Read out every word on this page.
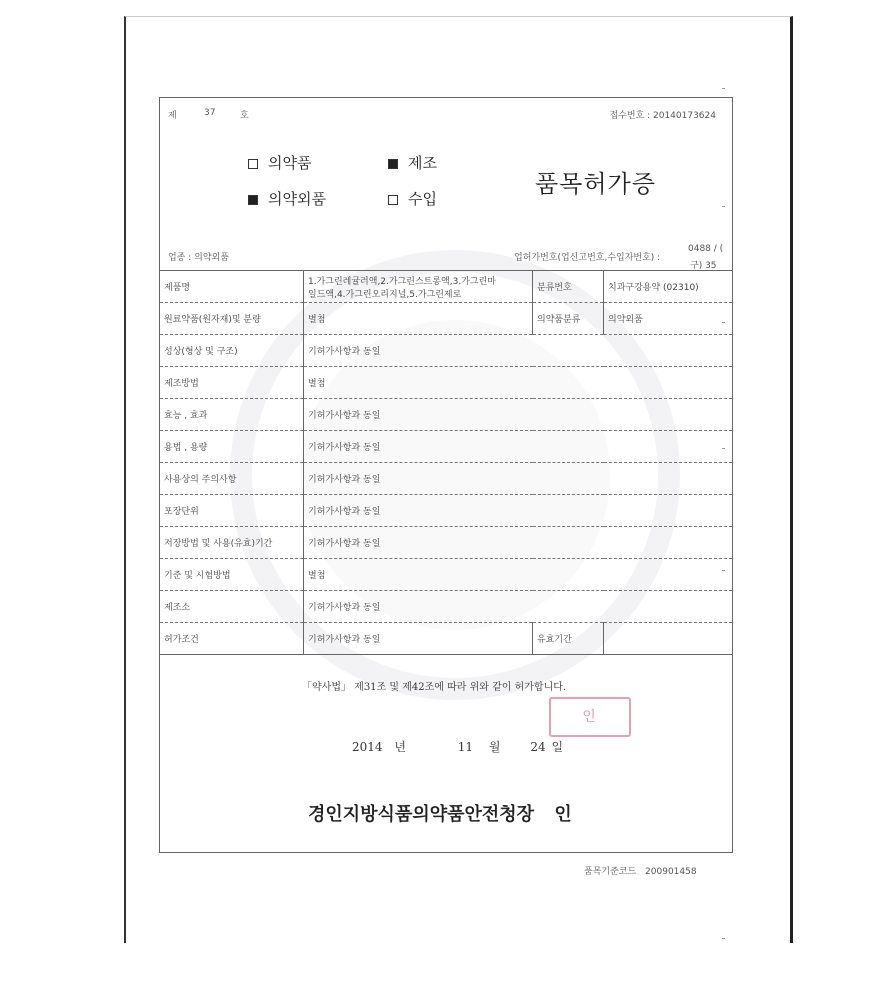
제	37	호	접수번호 : 20140173624
의약품	제조
의약외품	수입
품목허가증
업종 : 의약외품	업허가번호(업신고번호,수입자번호) :
0488 / (
구) 35
제품명	1.가그린레귤러액,2.가그린스트롱액,3.가그린마
일드액,4.가그린오리지널,5.가그린제로	분류번호	치과구강용약 (02310)
원료약품(원자재)및 분량	별첨	의약품분류	의약외품
성상(형상 및 구조)	기허가사항과 동일		
제조방법	별첨		
효능 , 효과	기허가사항과 동일		
용법 , 용량	기허가사항과 동일		
사용상의 주의사항	기허가사항과 동일		
포장단위	기허가사항과 동일		
저장방법 및 사용(유효)기간	기허가사항과 동일		
기준 및 시험방법	별첨		
제조소	기허가사항과 동일		
허가조건	기허가사항과 동일	유효기간	
「약사법」 제31조 및 제42조에 따라 위와 같이 허가합니다.
2014 년	11 월 24 일
경인지방식품의약품안전청장 인
인
품목기준코드 200901458
